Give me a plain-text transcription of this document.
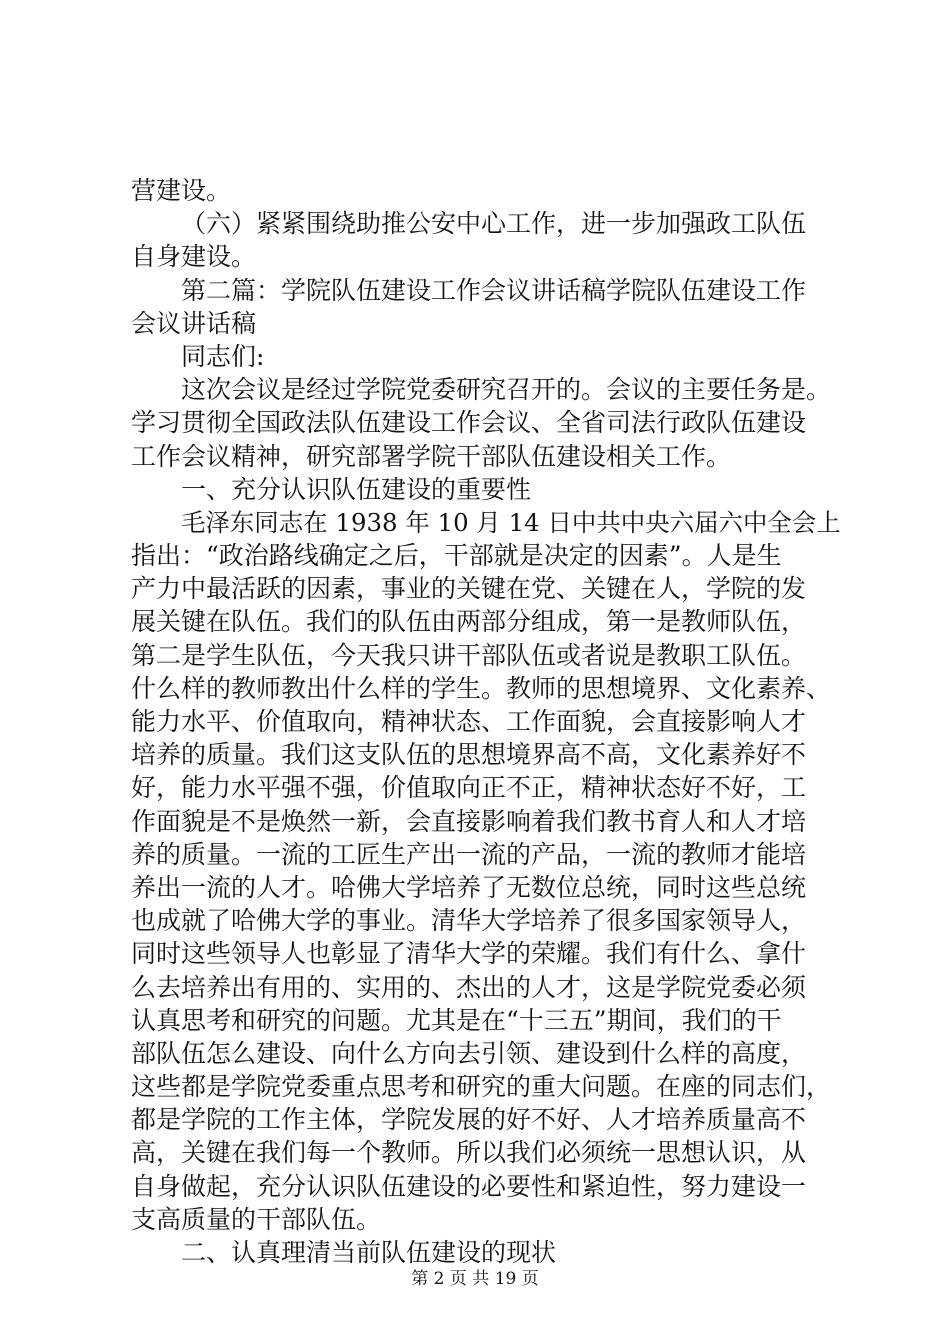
营建设。
（六）紧紧围绕助推公安中心工作，进一步加强政工队伍
自身建设。
第二篇：学院队伍建设工作会议讲话稿学院队伍建设工作
会议讲话稿
同志们:
这次会议是经过学院党委研究召开的。会议的主要任务是。
学习贯彻全国政法队伍建设工作会议、全省司法行政队伍建设
工作会议精神，研究部署学院干部队伍建设相关工作。
一、充分认识队伍建设的重要性
毛泽东同志在 1938 年 10 月 14 日中共中央六届六中全会上
指出：“政治路线确定之后，干部就是决定的因素”。人是生
产力中最活跃的因素，事业的关键在党、关键在人，学院的发
展关键在队伍。我们的队伍由两部分组成，第一是教师队伍，
第二是学生队伍，今天我只讲干部队伍或者说是教职工队伍。
什么样的教师教出什么样的学生。教师的思想境界、文化素养、
能力水平、价值取向，精神状态、工作面貌，会直接影响人才
培养的质量。我们这支队伍的思想境界高不高，文化素养好不
好，能力水平强不强，价值取向正不正，精神状态好不好，工
作面貌是不是焕然一新，会直接影响着我们教书育人和人才培
养的质量。一流的工匠生产出一流的产品，一流的教师才能培
养出一流的人才。哈佛大学培养了无数位总统，同时这些总统
也成就了哈佛大学的事业。清华大学培养了很多国家领导人，
同时这些领导人也彰显了清华大学的荣耀。我们有什么、拿什
么去培养出有用的、实用的、杰出的人才，这是学院党委必须
认真思考和研究的问题。尤其是在“十三五”期间，我们的干
部队伍怎么建设、向什么方向去引领、建设到什么样的高度，
这些都是学院党委重点思考和研究的重大问题。在座的同志们，
都是学院的工作主体，学院发展的好不好、人才培养质量高不
高，关键在我们每一个教师。所以我们必须统一思想认识，从
自身做起，充分认识队伍建设的必要性和紧迫性，努力建设一
支高质量的干部队伍。
二、认真理清当前队伍建设的现状
第 2 页 共 19 页
